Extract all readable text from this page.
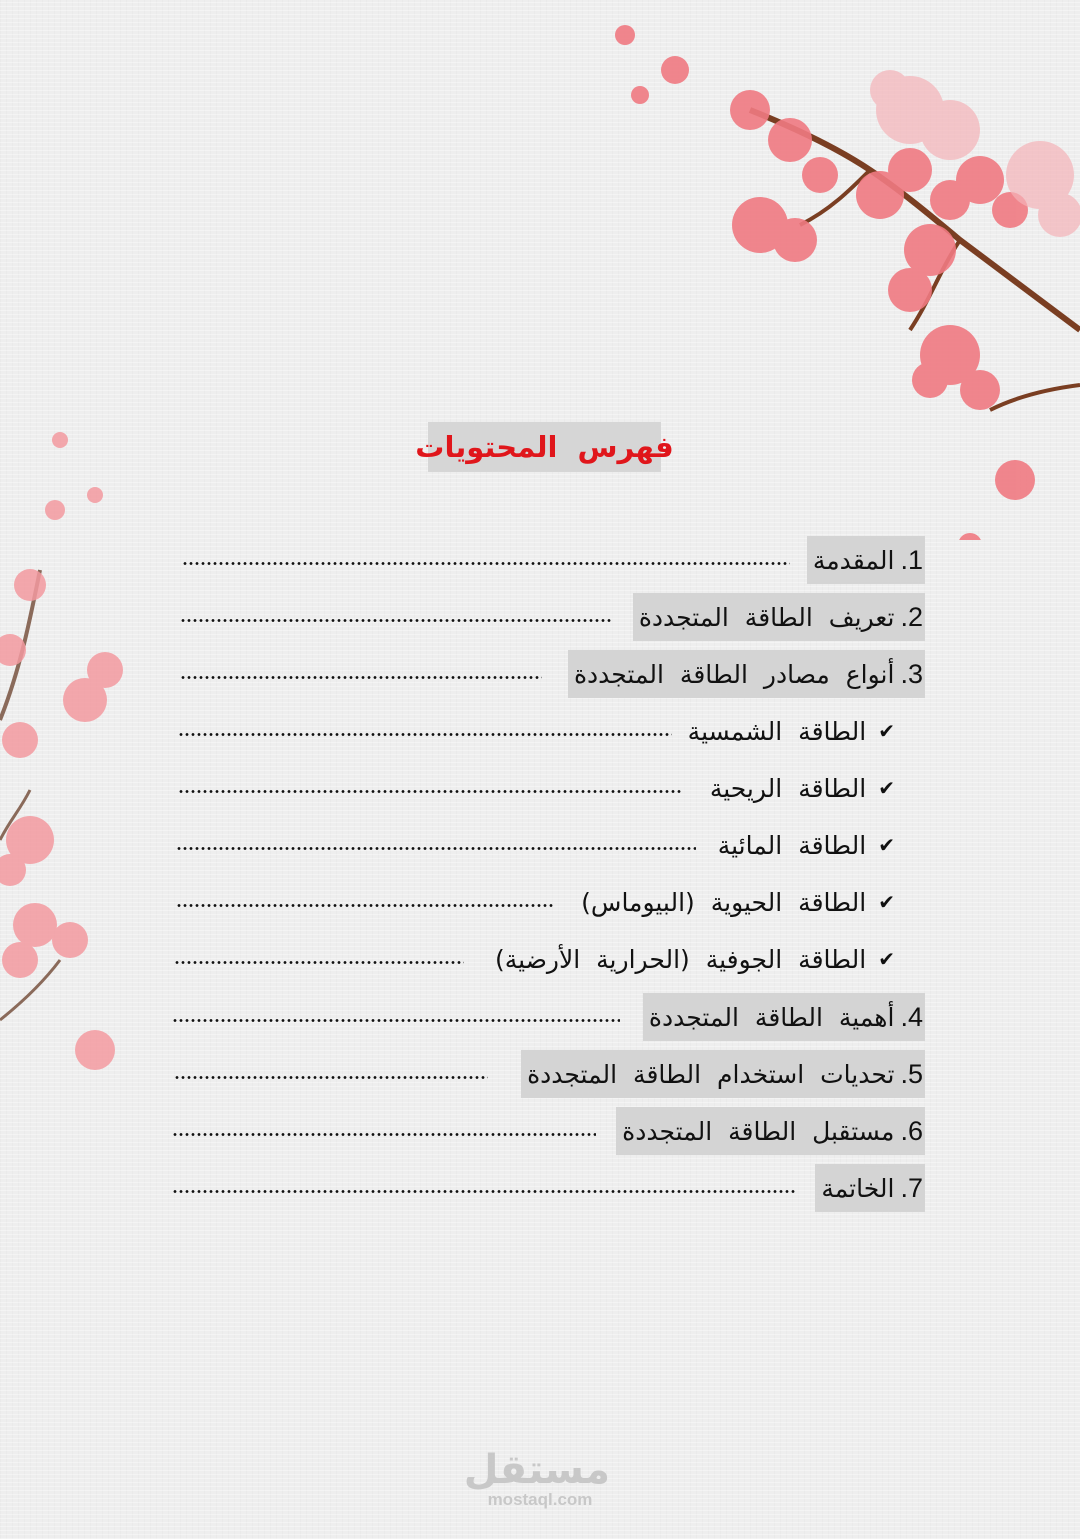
فهرس المحتويات
1.
المقدمة
2.
تعريف الطاقة المتجددة
3.
أنواع مصادر الطاقة المتجددة
✔
الطاقة الشمسية
✔
الطاقة الريحية
✔
الطاقة المائية
✔
الطاقة الحيوية (البيوماس)
✔
الطاقة الجوفية (الحرارية الأرضية)
4.
أهمية الطاقة المتجددة
5.
تحديات استخدام الطاقة المتجددة
6.
مستقبل الطاقة المتجددة
7.
الخاتمة
مستقل
mostaql.com
